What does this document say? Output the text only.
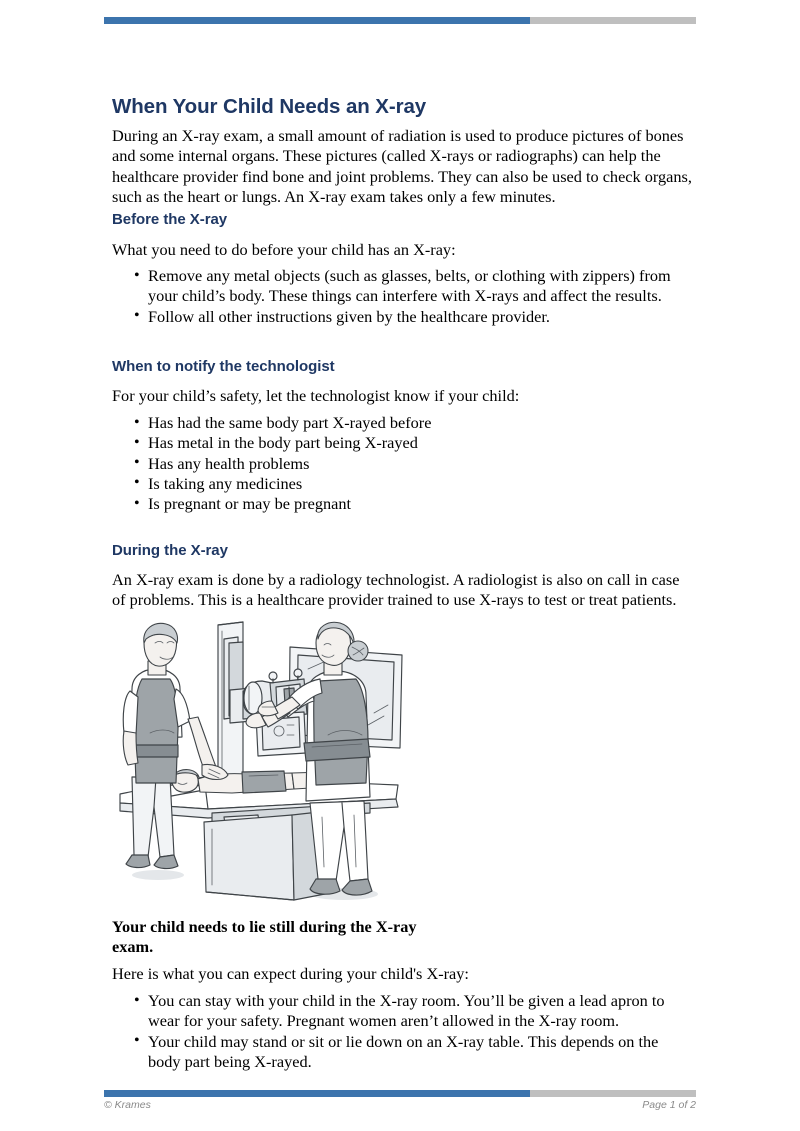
When Your Child Needs an X-ray

During an X-ray exam, a small amount of radiation is used to produce pictures of bones and some internal organs. These pictures (called X-rays or radiographs) can help the healthcare provider find bone and joint problems. They can also be used to check organs, such as the heart or lungs. An X-ray exam takes only a few minutes.

Before the X-ray

What you need to do before your child has an X-ray:

• Remove any metal objects (such as glasses, belts, or clothing with zippers) from your child’s body. These things can interfere with X-rays and affect the results.
• Follow all other instructions given by the healthcare provider.
When to notify the technologist

For your child’s safety, let the technologist know if your child:

• Has had the same body part X-rayed before
• Has metal in the body part being X-rayed
• Has any health problems
• Is taking any medicines
• Is pregnant or may be pregnant
During the X-ray

An X-ray exam is done by a radiology technologist. A radiologist is also on call in case of problems. This is a healthcare provider trained to use X-rays to test or treat patients.

Your child needs to lie still during the X-ray exam.

Here is what you can expect during your child's X-ray:

• You can stay with your child in the X-ray room. You’ll be given a lead apron to wear for your safety. Pregnant women aren’t allowed in the X-ray room.
• Your child may stand or sit or lie down on an X-ray table. This depends on the body part being X-rayed.
© Krames	Page 1 of 2
